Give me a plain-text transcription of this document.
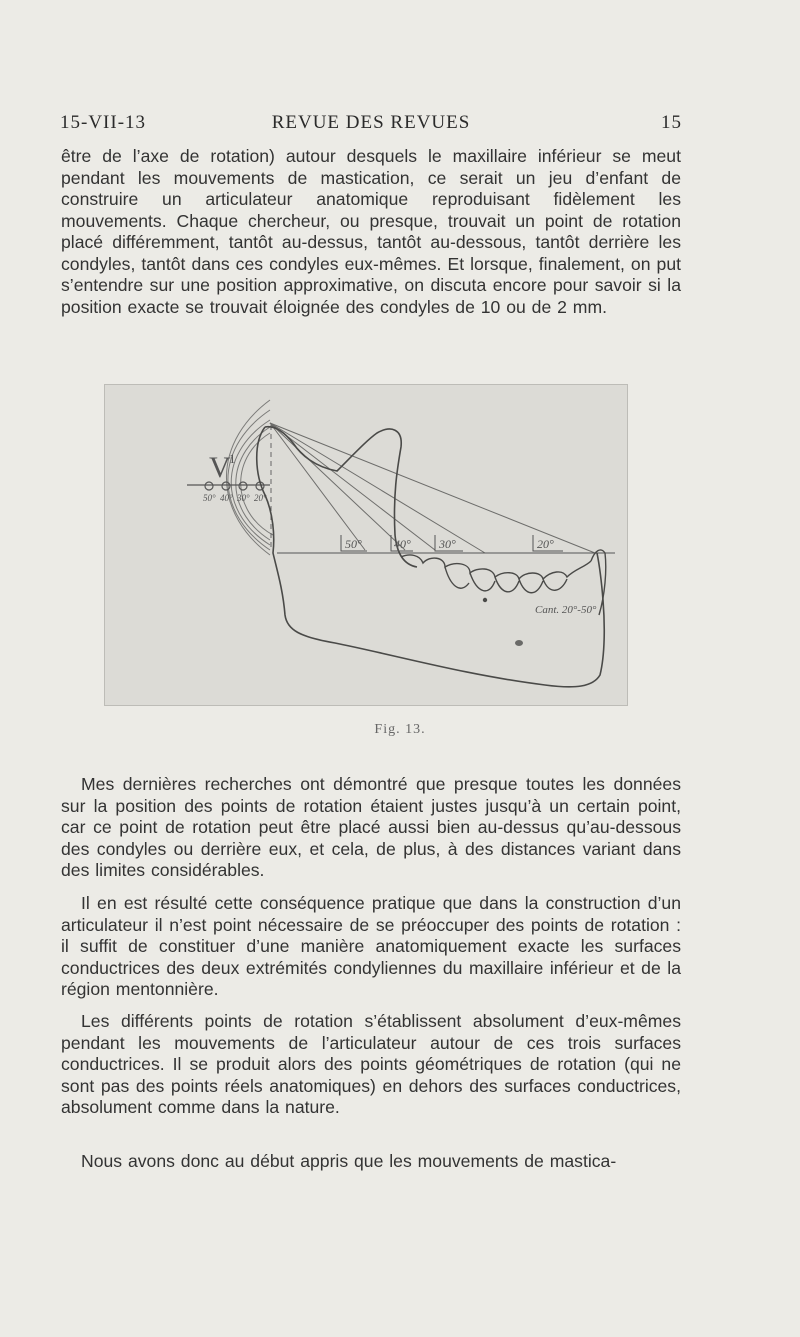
15-VII-13	REVUE DES REVUES	15

être de l’axe de rotation) autour desquels le maxillaire inférieur se meut pendant les mouvements de mastication, ce serait un jeu d’enfant de construire un articulateur anatomique reproduisant fidèlement les mouvements. Chaque chercheur, ou presque, trouvait un point de rotation placé différemment, tantôt au-dessus, tantôt au-dessous, tantôt derrière les condyles, tantôt dans ces condyles eux-mêmes. Et lorsque, finalement, on put s’entendre sur une position approximative, on discuta encore pour savoir si la position exacte se trouvait éloignée des condyles de 10 ou de 2 mm.

V
1
50° 40° 30° 20°
50°	40° 30°	20°
Cant. 20°-50°
Fig. 13.

Mes dernières recherches ont démontré que presque toutes les données sur la position des points de rotation étaient justes jusqu’à un certain point, car ce point de rotation peut être placé aussi bien au-dessus qu’au-dessous des condyles ou derrière eux, et cela, de plus, à des distances variant dans des limites considérables.

Il en est résulté cette conséquence pratique que dans la construction d’un articulateur il n’est point nécessaire de se préoccuper des points de rotation : il suffit de constituer d’une manière anatomiquement exacte les surfaces conductrices des deux extrémités condyliennes du maxillaire inférieur et de la région mentonnière.

Les différents points de rotation s’établissent absolument d’eux-mêmes pendant les mouvements de l’articulateur autour de ces trois surfaces conductrices. Il se produit alors des points géométriques de rotation (qui ne sont pas des points réels anatomiques) en dehors des surfaces conductrices, absolument comme dans la nature.

Nous avons donc au début appris que les mouvements de mastica-
